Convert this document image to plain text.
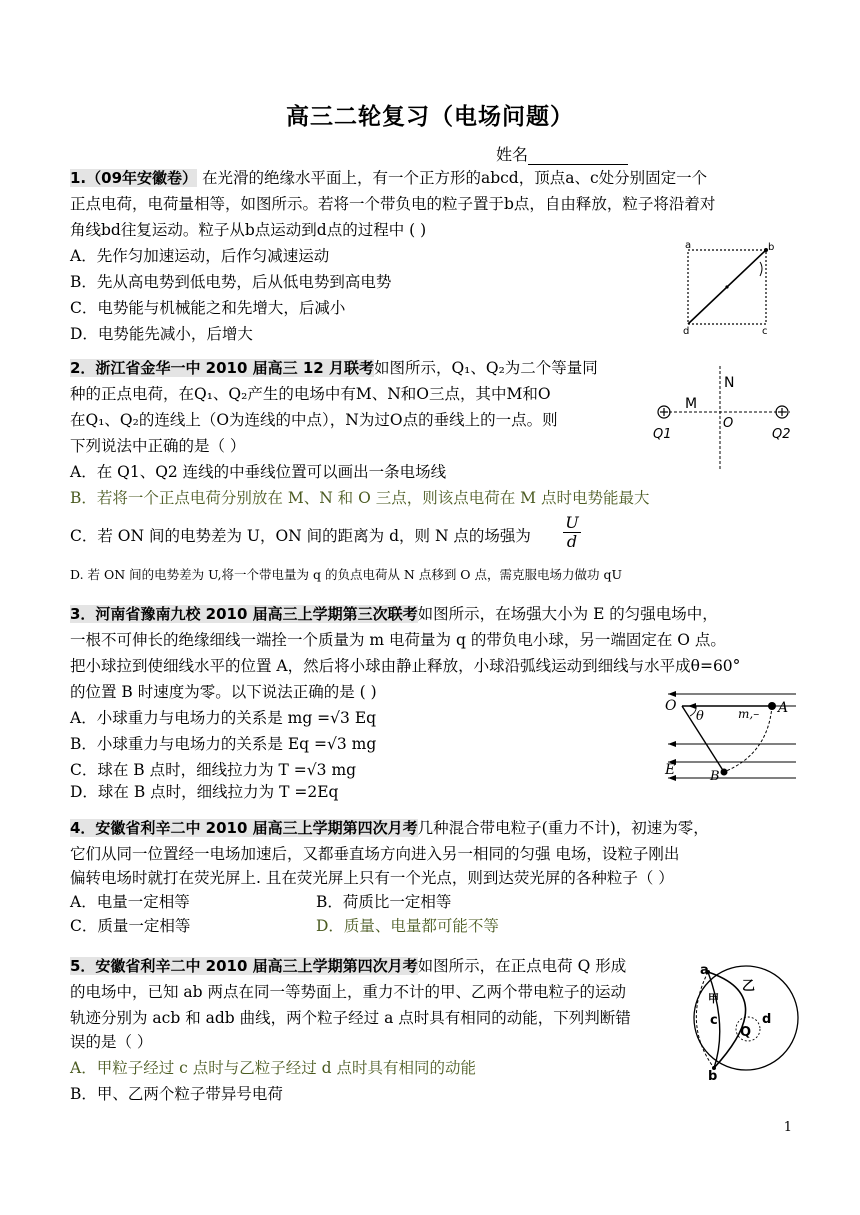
高三二轮复习（电场问题）
姓名
1.（09年安徽卷） 在光滑的绝缘水平面上，有一个正方形的abcd，顶点a、c处分别固定一个
正点电荷，电荷量相等，如图所示。若将一个带负电的粒子置于b点，自由释放，粒子将沿着对
角线bd往复运动。粒子从b点运动到d点的过程中 ( )
A．先作匀加速运动，后作匀减速运动
B．先从高电势到低电势，后从低电势到高电势
C．电势能与机械能之和先增大，后减小
D．电势能先减小，后增大
a	b
c
d
2．浙江省金华一中 2010 届高三 12 月联考如图所示，Q₁、Q₂为二个等量同
种的正点电荷，在Q₁、Q₂产生的电场中有M、N和O三点，其中M和O
在Q₁、Q₂的连线上（O为连线的中点），N为过O点的垂线上的一点。则
下列说法中正确的是（ ）
A．在 Q1、Q2 连线的中垂线位置可以画出一条电场线
B．若将一个正点电荷分别放在 M、N 和 O 三点，则该点电荷在 M 点时电势能最大
C．若 ON 间的电势差为 U，ON 间的距离为 d，则 N 点的场强为 $\frac{U}{d}$
D. 若 ON 间的电势差为 U,将一个带电量为 q 的负点电荷从 N 点移到 O 点，需克服电场力做功 qU
N
M
O
Q1	Q2
3．河南省豫南九校 2010 届高三上学期第三次联考如图所示，在场强大小为 E 的匀强电场中，
一根不可伸长的绝缘细线一端拴一个质量为 m 电荷量为 q 的带负电小球，另一端固定在 O 点。
把小球拉到使细线水平的位置 A，然后将小球由静止释放，小球沿弧线运动到细线与水平成θ=60°
的位置 B 时速度为零。以下说法正确的是 ( )
A．小球重力与电场力的关系是 mg =√3 Eq
B．小球重力与电场力的关系是 Eq =√3 mg
C．球在 B 点时，细线拉力为 T =√3 mg
D．球在 B 点时，细线拉力为 T =2Eq
O	A
θ	m,–
E	B
4．安徽省利辛二中 2010 届高三上学期第四次月考几种混合带电粒子(重力不计)，初速为零，
它们从同一位置经一电场加速后，又都垂直场方向进入另一相同的匀强 电场，设粒子刚出
偏转电场时就打在荧光屏上. 且在荧光屏上只有一个光点，则到达荧光屏的各种粒子（ ）
A．电量一定相等	B．荷质比一定相等
C．质量一定相等	D．质量、电量都可能不等
5．安徽省利辛二中 2010 届高三上学期第四次月考如图所示，在正点电荷 Q 形成
的电场中，已知 ab 两点在同一等势面上，重力不计的甲、乙两个带电粒子的运动
轨迹分别为 acb 和 adb 曲线，两个粒子经过 a 点时具有相同的动能，下列判断错
误的是（ ）
A．甲粒子经过 c 点时与乙粒子经过 d 点时具有相同的动能
B．甲、乙两个粒子带异号电荷
a
甲
乙
c
Q
d
b
1
